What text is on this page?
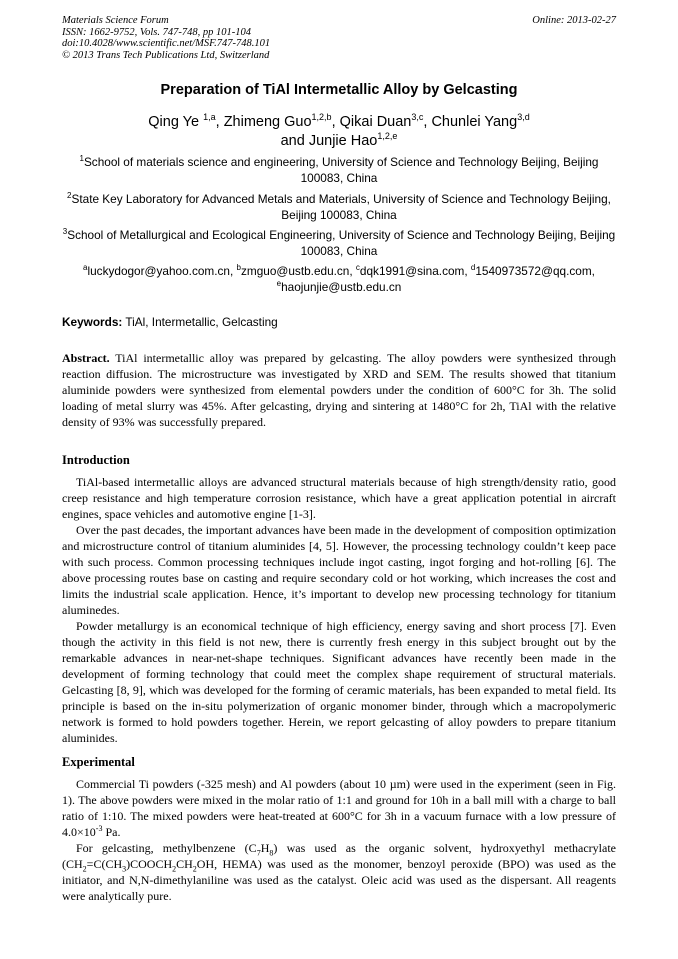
Materials Science Forum
ISSN: 1662-9752, Vols. 747-748, pp 101-104
doi:10.4028/www.scientific.net/MSF.747-748.101
© 2013 Trans Tech Publications Ltd, Switzerland
Online: 2013-02-27
Preparation of TiAl Intermetallic Alloy by Gelcasting
Qing Ye $^{1,a}$, Zhimeng Guo$^{1,2,b}$, Qikai Duan$^{3,c}$, Chunlei Yang$^{3,d}$
and Junjie Hao$^{1,2,e}$
$^1$School of materials science and engineering, University of Science and Technology Beijing, Beijing 100083, China
$^2$State Key Laboratory for Advanced Metals and Materials, University of Science and Technology Beijing, Beijing 100083, China
$^3$School of Metallurgical and Ecological Engineering, University of Science and Technology Beijing, Beijing 100083, China
$^a$luckydogor@yahoo.com.cn, $^b$zmguo@ustb.edu.cn, $^c$dqk1991@sina.com, $^d$1540973572@qq.com,
$^e$haojunjie@ustb.edu.cn
Keywords: TiAl, Intermetallic, Gelcasting

Abstract. TiAl intermetallic alloy was prepared by gelcasting. The alloy powders were synthesized through reaction diffusion. The microstructure was investigated by XRD and SEM. The results showed that titanium aluminide powders were synthesized from elemental powders under the condition of 600°C for 3h. The solid loading of metal slurry was 45%. After gelcasting, drying and sintering at 1480°C for 2h, TiAl with the relative density of 93% was successfully prepared.

Introduction

TiAl-based intermetallic alloys are advanced structural materials because of high strength/density ratio, good creep resistance and high temperature corrosion resistance, which have a great application potential in aircraft engines, space vehicles and automotive engine [1-3].

Over the past decades, the important advances have been made in the development of composition optimization and microstructure control of titanium aluminides [4, 5]. However, the processing technology couldn’t keep pace with such process. Common processing techniques include ingot casting, ingot forging and hot-rolling [6]. The above processing routes base on casting and require secondary cold or hot working, which increases the cost and limits the industrial scale application. Hence, it’s important to develop new processing technology for titanium aluminedes.

Powder metallurgy is an economical technique of high efficiency, energy saving and short process [7]. Even though the activity in this field is not new, there is currently fresh energy in this subject brought out by the remarkable advances in near-net-shape techniques. Significant advances have recently been made in the development of forming technology that could meet the complex shape requirement of structural materials. Gelcasting [8, 9], which was developed for the forming of ceramic materials, has been expanded to metal field. Its principle is based on the in-situ polymerization of organic monomer binder, through which a macropolymeric network is formed to hold powders together. Herein, we report gelcasting of alloy powders to prepare titanium aluminides.

Experimental

Commercial Ti powders (-325 mesh) and Al powders (about 10 µm) were used in the experiment (seen in Fig. 1). The above powders were mixed in the molar ratio of 1:1 and ground for 10h in a ball mill with a charge to ball ratio of 1:10. The mixed powders were heat-treated at 600°C for 3h in a vacuum furnace with a low pressure of $4.0\times 10^{-3}$ Pa.

For gelcasting, methylbenzene $(C_7H_8)$ was used as the organic solvent, hydroxyethyl methacrylate ($CH_2=C(CH_3)COOCH_2CH_2OH$, HEMA) was used as the monomer, benzoyl peroxide (BPO) was used as the initiator, and N,N-dimethylaniline was used as the catalyst. Oleic acid was used as the dispersant. All reagents were analytically pure.
